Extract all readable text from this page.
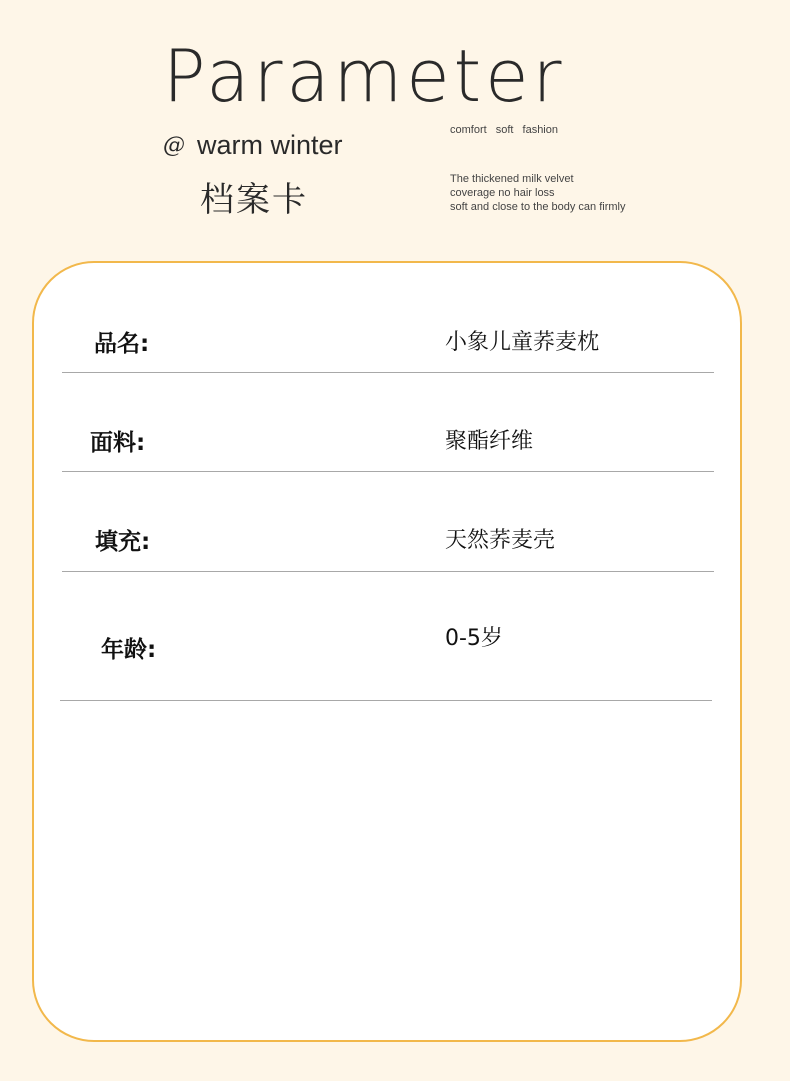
Parameter
comfort soft fashion
@ warm winter
档案卡
The thickened milk velvet
coverage no hair loss
soft and close to the body can firmly
品名:	小象儿童荞麦枕
面料:	聚酯纤维
填充:	天然荞麦壳
年龄:	0-5岁
